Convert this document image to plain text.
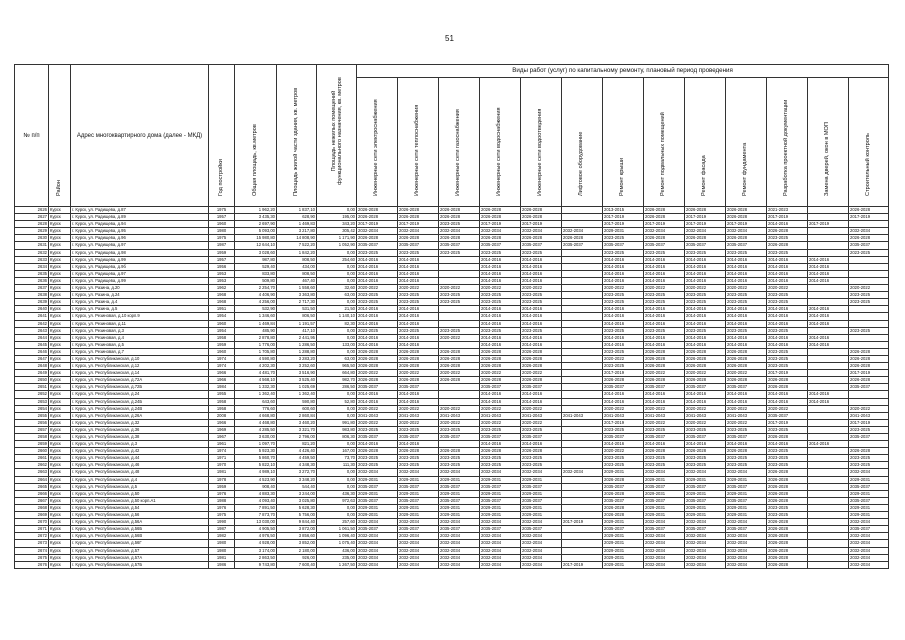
51
№ п/п	Район	Адрес многоквартирного дома (далее - МКД)	Год постройки	Общая площадь, кв.метров	Площадь жилой части здания, кв. метров	Площадь нежилых помещений функционального назначения, кв. метров	Виды работ (услуг) по капитальному ремонту, плановый период проведения												

							Инженерные сети электроснабжения	Инженерные сети теплоснабжения	Инженерные сети газоснабжения	Инженерные сети водоснабжения	Инженерные сети водоотведения	Лифтовое оборудование	Ремонт крыши	Ремонт подвальных помещений	Ремонт фасада	Ремонт фундамента	Разработка проектной документации	Замена дверей, окон в МОП	Строительный контроль

2626	Курск	г. Курск, ул. Радищева, д.87	1975	1 962,20	1 837,10	0,00	2026-2028	2026-2028	2026-2028	2026-2028	2026-2028		2013-2015	2026-2028	2026-2028	2026-2028	2021-2023		2026-2028
2627	Курск	г. Курск, ул. Радищева, д.89	1957	3 435,30	628,90	195,00	2026-2028	2026-2028	2026-2028	2026-2028	2026-2028		2017-2019	2026-2028	2017-2019	2026-2028	2017-2019		2017-2019
2628	Курск	г. Курск, ул. Радищева, д.94	1960	2 697,90	1 469,83	343,20	2017-2019	2017-2019	2023-2025	2017-2019	2017-2019		2017-2019	2017-2019	2017-2019	2017-2019	2014-2016	2017-2019	
2629	Курск	г. Курск, ул. Радищева, д.95	1980	5 093,00	3 217,80	305,42	2032-2034	2032-2034	2032-2034	2032-2034	2032-2034	2032-2034	2029-2031	2032-2034	2032-2034	2032-2034	2026-2028		2032-2034
2630	Курск	г. Курск, ул. Радищева, д.96	1975	15 980,80	14 808,90	1 171,90	2026-2028	2026-2028	2026-2028	2026-2028	2026-2028	2026-2028	2023-2025	2026-2028	2026-2028	2026-2028	2023-2025		2026-2028
2631	Курск	г. Курск, ул. Радищева, д.97	1987	12 644,10	7 522,20	1 052,90	2035-2037	2035-2037	2035-2037	2035-2037	2035-2037	2035-2037	2035-2037	2035-2037	2035-2037	2035-2037	2026-2028		2035-2037
2632	Курск	г. Курск, ул. Радищева, д.98	1959	3 028,60	1 842,20	0,00	2023-2025	2023-2025	2023-2025	2023-2025	2023-2025		2023-2025	2023-2025	2023-2025	2023-2025	2023-2025		2023-2025
2633	Курск	г. Курск, ул. Радищева, д.99	1957	987,80	808,50	254,60	2014-2016	2014-2016		2014-2016	2014-2016		2014-2016	2014-2016	2014-2016	2014-2016	2014-2016	2014-2016	
2634	Курск	г. Курск, ул. Радищева, д.9б	1956	529,40	434,00	0,00	2014-2016	2014-2016		2014-2016	2014-2016		2014-2016	2014-2016	2014-2016	2014-2016	2014-2016	2014-2016	
2635	Курск	г. Курск, ул. Радищева, д.97	1953	833,80	808,50	0,00	2014-2016	2014-2016		2014-2016	2014-2016		2014-2016	2014-2016	2014-2016	2014-2016	2014-2016	2014-2016	
2636	Курск	г. Курск, ул. Радищева, д.99	1953	509,80	467,40	0,00	2014-2016	2014-2016		2014-2016	2014-2016		2014-2016	2014-2016	2014-2016	2014-2016	2014-2016	2014-2016	
2637	Курск	г. Курск, ул. Разина, д.20	1962	2 254,70	1 558,60	32,60	2020-2022	2020-2022	2020-2022	2020-2022	2020-2022		2020-2022	2020-2022	2020-2022	2020-2022	2020-2022		2020-2022
2638	Курск	г. Курск, ул. Разина, д.24	1968	4 406,90	3 363,80	63,00	2023-2025	2023-2025	2023-2025	2023-2025	2023-2025		2023-2025	2023-2025	2023-2025	2023-2025	2023-2025		2023-2025
2639	Курск	г. Курск, ул. Разина, д.4	1968	4 256,00	2 717,30	0,00	2023-2025	2023-2025	2023-2025	2023-2025	2023-2025		2023-2025	2023-2025	2023-2025	2023-2025	2023-2025		2023-2025
2640	Курск	г. Курск, ул. Разина, д.5	1951	532,90	531,50	21,50	2014-2016	2014-2016		2014-2016	2014-2016		2014-2016	2014-2016	2014-2016	2014-2016	2014-2016	2014-2016	
2641	Курск	г. Курск, ул. Резиновая, д.10 корп.9	1954	1 346,60	806,50	1 140,10	2014-2016	2014-2016		2014-2016	2014-2016		2014-2016	2014-2016	2014-2016	2014-2016	2014-2016	2014-2016	
2642	Курск	г. Курск, ул. Резиновая, д.11	1960	1 469,84	1 191,57	82,30	2014-2016	2014-2016		2014-2016	2014-2016		2014-2016	2014-2016	2014-2016	2014-2016	2014-2016	2014-2016	
2643	Курск	г. Курск, ул. Резиновая, д.3	1954	485,90	417,10	0,00	2023-2025	2023-2025	2023-2025	2023-2025	2023-2025		2023-2025	2023-2025	2023-2025	2023-2025	2023-2025		2023-2025
2644	Курск	г. Курск, ул. Резиновая, д.4	1958	2 878,80	2 441,95	0,00	2014-2016	2014-2016	2020-2022	2014-2016	2014-2016		2014-2016	2014-2016	2014-2016	2014-2016	2014-2016	2014-2016	
2645	Курск	г. Курск, ул. Резиновая, д.5	1959	1 776,00	1 286,50	133,00	2014-2016	2014-2016		2014-2016	2014-2016		2014-2016	2014-2016	2014-2016	2014-2016	2014-2016	2014-2016	
2646	Курск	г. Курск, ул. Резиновая, д.7	1960	1 705,80	1 288,80	0,00	2026-2028	2026-2028	2026-2028	2026-2028	2026-2028		2023-2025	2026-2028	2026-2028	2026-2028	2023-2025		2026-2028
2647	Курск	г. Курск, ул. Республиканская, д.10	1974	4 590,80	3 283,20	63,00	2026-2028	2026-2028	2026-2028	2026-2028	2026-2028		2020-2022	2026-2028	2026-2028	2026-2028	2023-2025		2026-2028
2648	Курск	г. Курск, ул. Республиканская, д.12	1974	4 202,30	3 252,60	965,50	2026-2028	2026-2028	2026-2028	2026-2028	2026-2028		2023-2025	2026-2028	2026-2028	2026-2028	2023-2025		2026-2028
2649	Курск	г. Курск, ул. Республиканская, д.14	1966	4 481,70	3 516,90	664,80	2020-2022	2020-2022	2020-2022	2020-2022	2020-2022		2017-2019	2020-2022	2020-2022	2020-2022	2017-2019		2017-2019
2650	Курск	г. Курск, ул. Республиканская, д.72А	1966	4 568,10	3 525,40	982,70	2026-2028	2026-2028	2026-2028	2026-2028	2026-2028		2026-2028	2026-2028	2026-2028	2026-2028	2026-2028		2026-2028
2651	Курск	г. Курск, ул. Республиканская, д.72Б	1984	1 332,30	1 025,69	286,50	2035-2037	2035-2037		2035-2037	2035-2037		2035-2037	2035-2037	2035-2037	2035-2037	2026-2028		2035-2037
2652	Курск	г. Курск, ул. Республиканская, д.24	1955	1 362,40	1 362,40	0,00	2014-2016	2014-2016		2014-2016	2014-2016		2014-2016	2014-2016	2014-2016	2014-2016	2014-2016	2014-2016	
2653	Курск	г. Курск, ул. Республиканская, д.24Б	1958	643,60	590,80	52,80	2014-2016	2014-2016		2014-2016	2014-2016		2014-2016	2014-2016	2014-2016	2014-2016	2014-2016	2014-2016	
2654	Курск	г. Курск, ул. Республиканская, д.24В	1958	776,60	600,60	0,00	2020-2022	2020-2022	2020-2022	2020-2022	2020-2022		2020-2022	2020-2022	2020-2022	2020-2022	2020-2022		2020-2022
2655	Курск	г. Курск, ул. Республиканская, д.26А	2008	4 668,80	2 860,84	0,00	2041-2043	2041-2043	2041-2043	2041-2043	2041-2043	2041-2043	2041-2043	2041-2043	2041-2043	2041-2043	2035-2037		2041-2043
2656	Курск	г. Курск, ул. Республиканская, д.32	1966	4 468,80	3 460,20	991,80	2020-2022	2020-2022	2020-2022	2020-2022	2020-2022		2017-2019	2020-2022	2020-2022	2020-2022	2017-2019		2017-2019
2657	Курск	г. Курск, ул. Республиканская, д.36	1969	4 285,50	3 321,70	983,80	2023-2025	2023-2025	2023-2025	2023-2025	2023-2025		2023-2025	2023-2025	2023-2025	2023-2025	2023-2025		2023-2025
2658	Курск	г. Курск, ул. Республиканская, д.38	1967	3 630,00	2 796,00	806,30	2035-2037	2035-2037	2035-2037	2035-2037	2035-2037		2035-2037	2035-2037	2035-2037	2035-2037	2026-2028		2035-2037
2659	Курск	г. Курск, ул. Республиканская, д.3	1961	1 097,70	821,20	0,00	2014-2016	2014-2016		2014-2016	2014-2016		2014-2016	2014-2016	2014-2016	2014-2016	2014-2016	2014-2016	
2660	Курск	г. Курск, ул. Республиканская, д.42	1974	5 923,30	4 426,40	167,00	2026-2028	2026-2028	2026-2028	2026-2028	2026-2028		2020-2022	2026-2028	2026-2028	2026-2028	2023-2025		2026-2028
2661	Курск	г. Курск, ул. Республиканская, д.44	1971	5 860,70	4 459,50	73,70	2023-2025	2023-2025	2023-2025	2023-2025	2023-2025		2023-2025	2023-2025	2023-2025	2023-2025	2023-2025		2023-2025
2662	Курск	г. Курск, ул. Республиканская, д.46	1970	5 822,10	4 348,30	111,30	2023-2025	2023-2025	2023-2025	2023-2025	2023-2025		2023-2025	2023-2025	2023-2025	2023-2025	2023-2025		2023-2025
2663	Курск	г. Курск, ул. Республиканская, д.48	1981	4 989,10	3 272,70	0,00	2032-2034	2032-2034	2032-2034	2032-2034	2032-2034	2032-2034	2029-2031	2032-2034	2032-2034	2032-2034	2026-2028		2032-2034
2664	Курск	г. Курск, ул. Республиканская, д.4	1978	4 523,90	3 348,20	0,00	2029-2031	2029-2031	2029-2031	2029-2031	2029-2031		2026-2028	2029-2031	2029-2031	2029-2031	2026-2028		2029-2031
2665	Курск	г. Курск, ул. Республиканская, д.5	1959	908,40	544,40	0,00	2035-2037	2035-2037	2035-2037	2035-2037	2035-2037		2035-2037	2035-2037	2035-2037	2035-2037	2026-2028		2035-2037
2666	Курск	г. Курск, ул. Республиканская, д.50	1976	4 883,30	3 244,00	436,30	2029-2031	2029-2031	2029-2031	2029-2031	2029-2031		2026-2028	2029-2031	2029-2031	2029-2031	2026-2028		2029-2031
2667	Курск	г. Курск, ул. Республиканская, д.50 корп.А1	1988	4 093,40	3 025,80	972,63	2035-2037	2035-2037	2035-2037	2035-2037	2035-2037		2035-2037	2035-2037	2035-2037	2035-2037	2026-2028		2035-2037
2668	Курск	г. Курск, ул. Республиканская, д.54	1976	7 891,50	5 628,30	0,00	2029-2031	2029-2031	2029-2031	2029-2031	2029-2031		2026-2028	2029-2031	2029-2031	2029-2031	2023-2025		2029-2031
2669	Курск	г. Курск, ул. Республиканская, д.56	1975	7 873,70	5 756,00	0,00	2029-2031	2029-2031	2029-2031	2029-2031	2029-2031		2026-2028	2029-2031	2029-2031	2029-2031	2023-2025		2029-2031
2670	Курск	г. Курск, ул. Республиканская, д.56А	1990	13 030,00	9 844,40	257,60	2032-2034	2032-2034	2032-2034	2032-2034	2032-2034	2017-2019	2029-2031	2032-2034	2032-2034	2032-2034	2026-2028		2032-2034
2671	Курск	г. Курск, ул. Республиканская, д.56Б	1987	4 905,50	3 872,00	1 061,50	2035-2037	2035-2037	2035-2037	2035-2037	2035-2037		2035-2037	2035-2037	2035-2037	2035-2037	2026-2028		2035-2037
2672	Курск	г. Курск, ул. Республиканская, д.56В	1982	4 976,50	3 856,60	1 096,40	2032-2034	2032-2034	2032-2034	2032-2034	2032-2034		2029-2031	2032-2034	2032-2034	2032-2034	2026-2028		2032-2034
2673	Курск	г. Курск, ул. Республиканская, д.56Г	1980	4 928,00	3 852,00	1 075,40	2032-2034	2032-2034	2032-2034	2032-2034	2032-2034		2029-2031	2032-2034	2032-2034	2032-2034	2026-2028		2032-2034
2674	Курск	г. Курск, ул. Республиканская, д.57	1980	3 174,00	2 180,00	436,00	2032-2034	2032-2034	2032-2034	2032-2034	2032-2034		2029-2031	2032-2034	2032-2034	2032-2034	2026-2028		2032-2034
2675	Курск	г. Курск, ул. Республиканская, д.57А	1981	2 863,50	926,00	235,00	2032-2034	2032-2034	2032-2034	2032-2034	2032-2034		2029-2031	2032-2034	2032-2034	2032-2034	2026-2028		2032-2034
2676	Курск	г. Курск, ул. Республиканская, д.57Б	1986	9 743,80	7 600,40	1 267,50	2032-2034	2032-2034	2032-2034	2032-2034	2032-2034	2017-2019	2029-2031	2032-2034	2032-2034	2032-2034	2026-2028		2032-2034
